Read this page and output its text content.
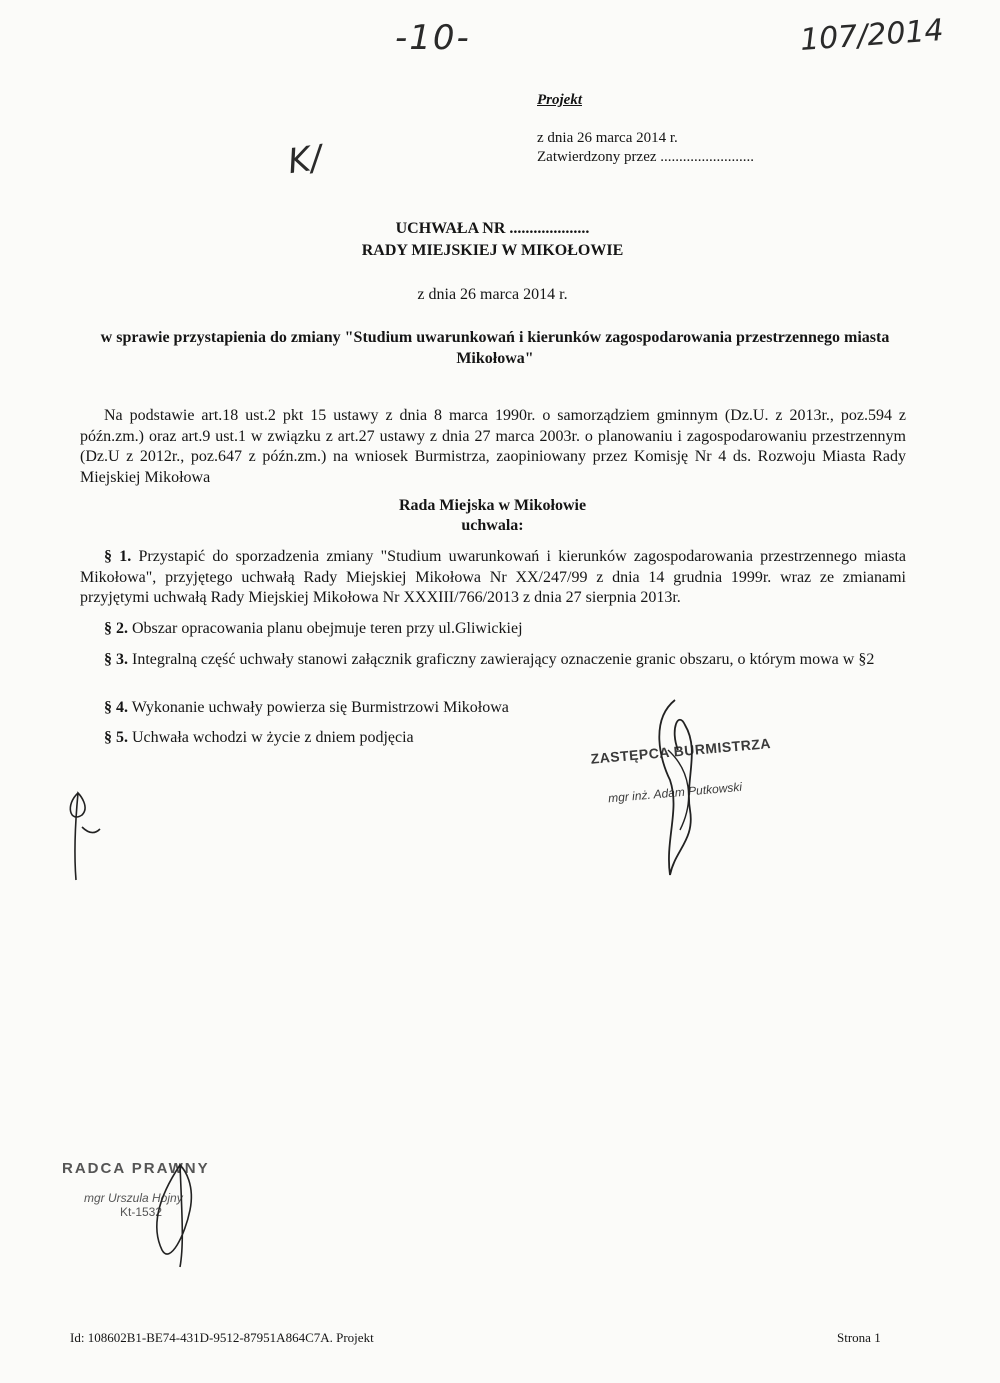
-10-	107/2014
K/
Projekt
z dnia 26 marca 2014 r.
Zatwierdzony przez .........................
UCHWAŁA NR ....................
RADY MIEJSKIEJ W MIKOŁOWIE
z dnia 26 marca 2014 r.
w sprawie przystapienia do zmiany "Studium uwarunkowań i kierunków zagospodarowania przestrzennego miasta Mikołowa"
Na podstawie art.18 ust.2 pkt 15 ustawy z dnia 8 marca 1990r. o samorządziem gminnym (Dz.U. z 2013r., poz.594 z późn.zm.) oraz art.9 ust.1 w związku z art.27 ustawy z dnia 27 marca 2003r. o planowaniu i zagospodarowaniu przestrzennym (Dz.U z 2012r., poz.647 z późn.zm.) na wniosek Burmistrza, zaopiniowany przez Komisję Nr 4 ds. Rozwoju Miasta Rady Miejskiej Mikołowa
Rada Miejska w Mikołowie
uchwala:
§ 1. Przystapić do sporzadzenia zmiany "Studium uwarunkowań i kierunków zagospodarowania przestrzennego miasta Mikołowa", przyjętego uchwałą Rady Miejskiej Mikołowa Nr XX/247/99 z dnia 14 grudnia 1999r. wraz ze zmianami przyjętymi uchwałą Rady Miejskiej Mikołowa Nr XXXIII/766/2013 z dnia 27 sierpnia 2013r.
§ 2. Obszar opracowania planu obejmuje teren przy ul.Gliwickiej
§ 3. Integralną część uchwały stanowi załącznik graficzny zawierający oznaczenie granic obszaru, o którym mowa w §2
§ 4. Wykonanie uchwały powierza się Burmistrzowi Mikołowa
§ 5. Uchwała wchodzi w życie z dniem podjęcia	ZASTĘPCA BURMISTRZA
mgr inż. Adam Putkowski
RADCA PRAWNY
mgr Urszula Hojny
Kt-1532
Id: 108602B1-BE74-431D-9512-87951A864C7A. Projekt	Strona 1
